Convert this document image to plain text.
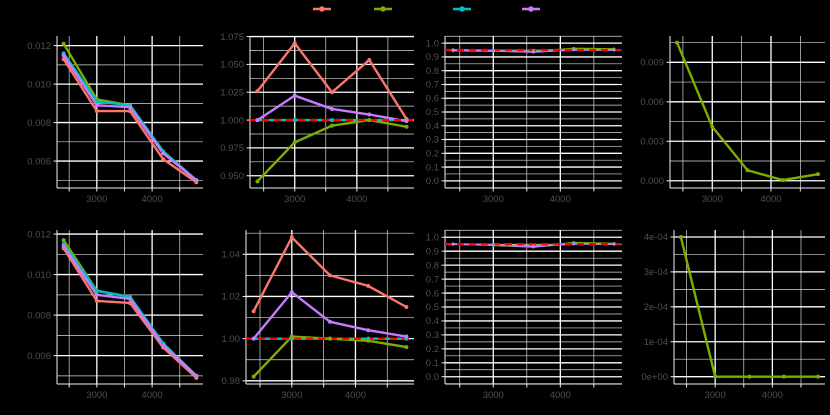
3000	4000
0.006
0.008
0.010
0.012
3000	4000
0.950
0.975
1.000
1.025
1.050
1.075
3000	4000
0.0
0.1
0.2
0.3
0.4
0.5
0.6
0.7
0.8
0.9
1.0
3000	4000
0.000
0.003
0.006
0.009
3000	4000
0.006
0.008
0.010
0.012
3000	4000
0.98
1.00
1.02
1.04
3000	4000
0.0
0.1
0.2
0.3
0.4
0.5
0.6
0.7
0.8
0.9
1.0
3000	4000
0e+00
1e-04
2e-04
3e-04
4e-04
